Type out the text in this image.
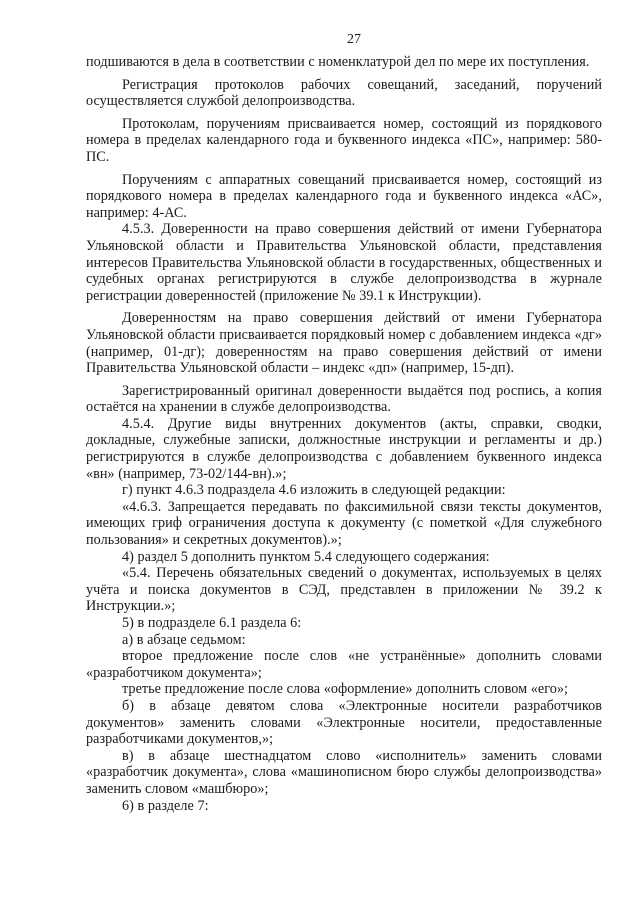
27

подшиваются в дела в соответствии с номенклатурой дел по мере их поступления.

Регистрация протоколов рабочих совещаний, заседаний, поручений осуществляется службой делопроизводства.

Протоколам, поручениям присваивается номер, состоящий из порядкового номера в пределах календарного года и буквенного индекса «ПС», например: 580-ПС.

Поручениям с аппаратных совещаний присваивается номер, состоящий из порядкового номера в пределах календарного года и буквенного индекса «АС», например: 4-АС.

4.5.3. Доверенности на право совершения действий от имени Губернатора Ульяновской области и Правительства Ульяновской области, представления интересов Правительства Ульяновской области в государственных, общественных и судебных органах регистрируются в службе делопроизводства в журнале регистрации доверенностей (приложение № 39.1 к Инструкции).

Доверенностям на право совершения действий от имени Губернатора Ульяновской области присваивается порядковый номер с добавлением индекса «дг» (например, 01-дг); доверенностям на право совершения действий от имени Правительства Ульяновской области – индекс «дп» (например, 15-дп).

Зарегистрированный оригинал доверенности выдаётся под роспись, а копия остаётся на хранении в службе делопроизводства.

4.5.4. Другие виды внутренних документов (акты, справки, сводки, докладные, служебные записки, должностные инструкции и регламенты и др.) регистрируются в службе делопроизводства с добавлением буквенного индекса «вн» (например, 73-02/144-вн).»;

г) пункт 4.6.3 подраздела 4.6 изложить в следующей редакции:

«4.6.3. Запрещается передавать по факсимильной связи тексты документов, имеющих гриф ограничения доступа к документу (с пометкой «Для служебного пользования» и секретных документов).»;

4) раздел 5 дополнить пунктом 5.4 следующего содержания:

«5.4. Перечень обязательных сведений о документах, используемых в целях учёта и поиска документов в СЭД, представлен в приложении № 39.2 к Инструкции.»;

5) в подразделе 6.1 раздела 6:

а) в абзаце седьмом:

второе предложение после слов «не устранённые» дополнить словами «разработчиком документа»;

третье предложение после слова «оформление» дополнить словом «его»;

б) в абзаце девятом слова «Электронные носители разработчиков документов» заменить словами «Электронные носители, предоставленные разработчиками документов,»;

в) в абзаце шестнадцатом слово «исполнитель» заменить словами «разработчик документа», слова «машинописном бюро службы делопроизводства» заменить словом «машбюро»;

6) в разделе 7:
